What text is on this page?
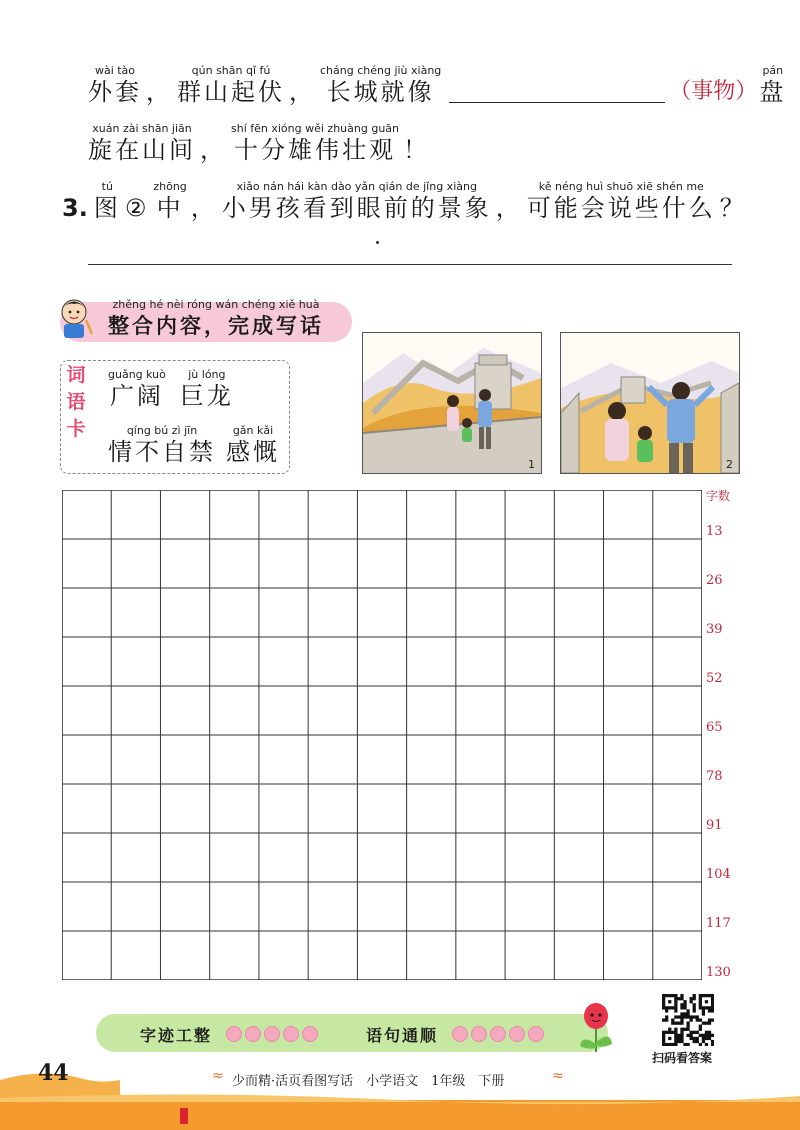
wài tào
外套 ，
qún shān qǐ fú
群山起伏 ，
cháng chéng jiù xiàng
长城就像	（事物）
pán
盘
xuán zài shān jiān
旋在山间 ，
shí fēn xióng wěi zhuàng guān
十分雄伟壮观 ！
3.
tú
图 ②
zhōng
中 ，
xiǎo nán hái kàn dào yǎn qián de jǐng xiàng
小男孩看到眼前的景象 ，
kě néng huì shuō xiē shén me
可能会说些什么 ？
zhěng hé nèi róng wán chéng xiě huà
整合内容，完成写话
词
语
卡
guǎng kuò
广阔
jù lóng
巨龙
qíng bú zì jīn
情不自禁
gǎn kǎi
感慨	1	2
字数
13
26
39
52
65
78
91
104
117
130
字迹工整	语句通顺
扫码看答案
44	≈ 少而精·活页看图写话　小学语文　1年级　下册	≈
